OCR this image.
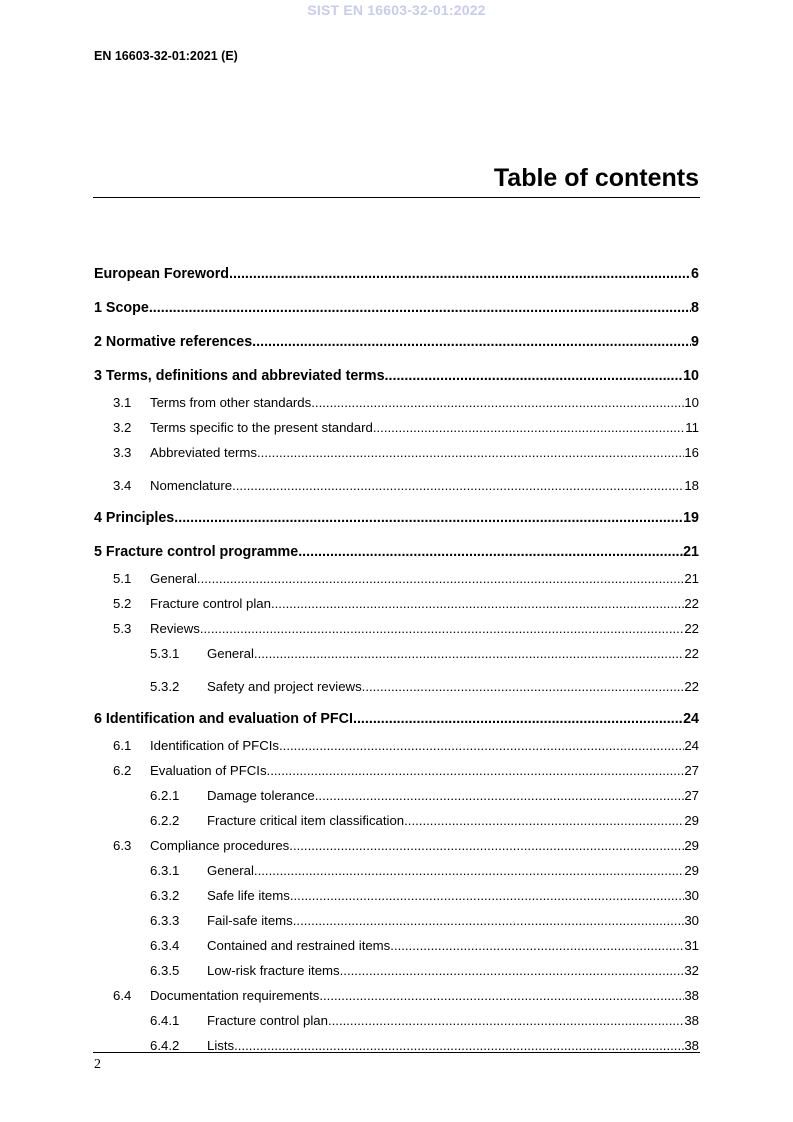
SIST EN 16603-32-01:2022
EN 16603-32-01:2021 (E)
Table of contents
European Foreword .....	6
1 Scope .....	8
2 Normative references .....	9
3 Terms, definitions and abbreviated terms .....	10
3.1	Terms from other standards .....	10
3.2	Terms specific to the present standard .....	11
3.3	Abbreviated terms .....	16
3.4	Nomenclature .....	18
4 Principles .....	19
5 Fracture control programme .....	21
5.1	General .....	21
5.2	Fracture control plan .....	22
5.3	Reviews .....	22
5.3.1	General .....	22
5.3.2	Safety and project reviews .....	22
6 Identification and evaluation of PFCI .....	24
6.1	Identification of PFCIs .....	24
6.2	Evaluation of PFCIs .....	27
6.2.1	Damage tolerance .....	27
6.2.2	Fracture critical item classification .....	29
6.3	Compliance procedures .....	29
6.3.1	General .....	29
6.3.2	Safe life items .....	30
6.3.3	Fail-safe items .....	30
6.3.4	Contained and restrained items .....	31
6.3.5	Low-risk fracture items .....	32
6.4	Documentation requirements .....	38
6.4.1	Fracture control plan .....	38
6.4.2	Lists .....	38
2
